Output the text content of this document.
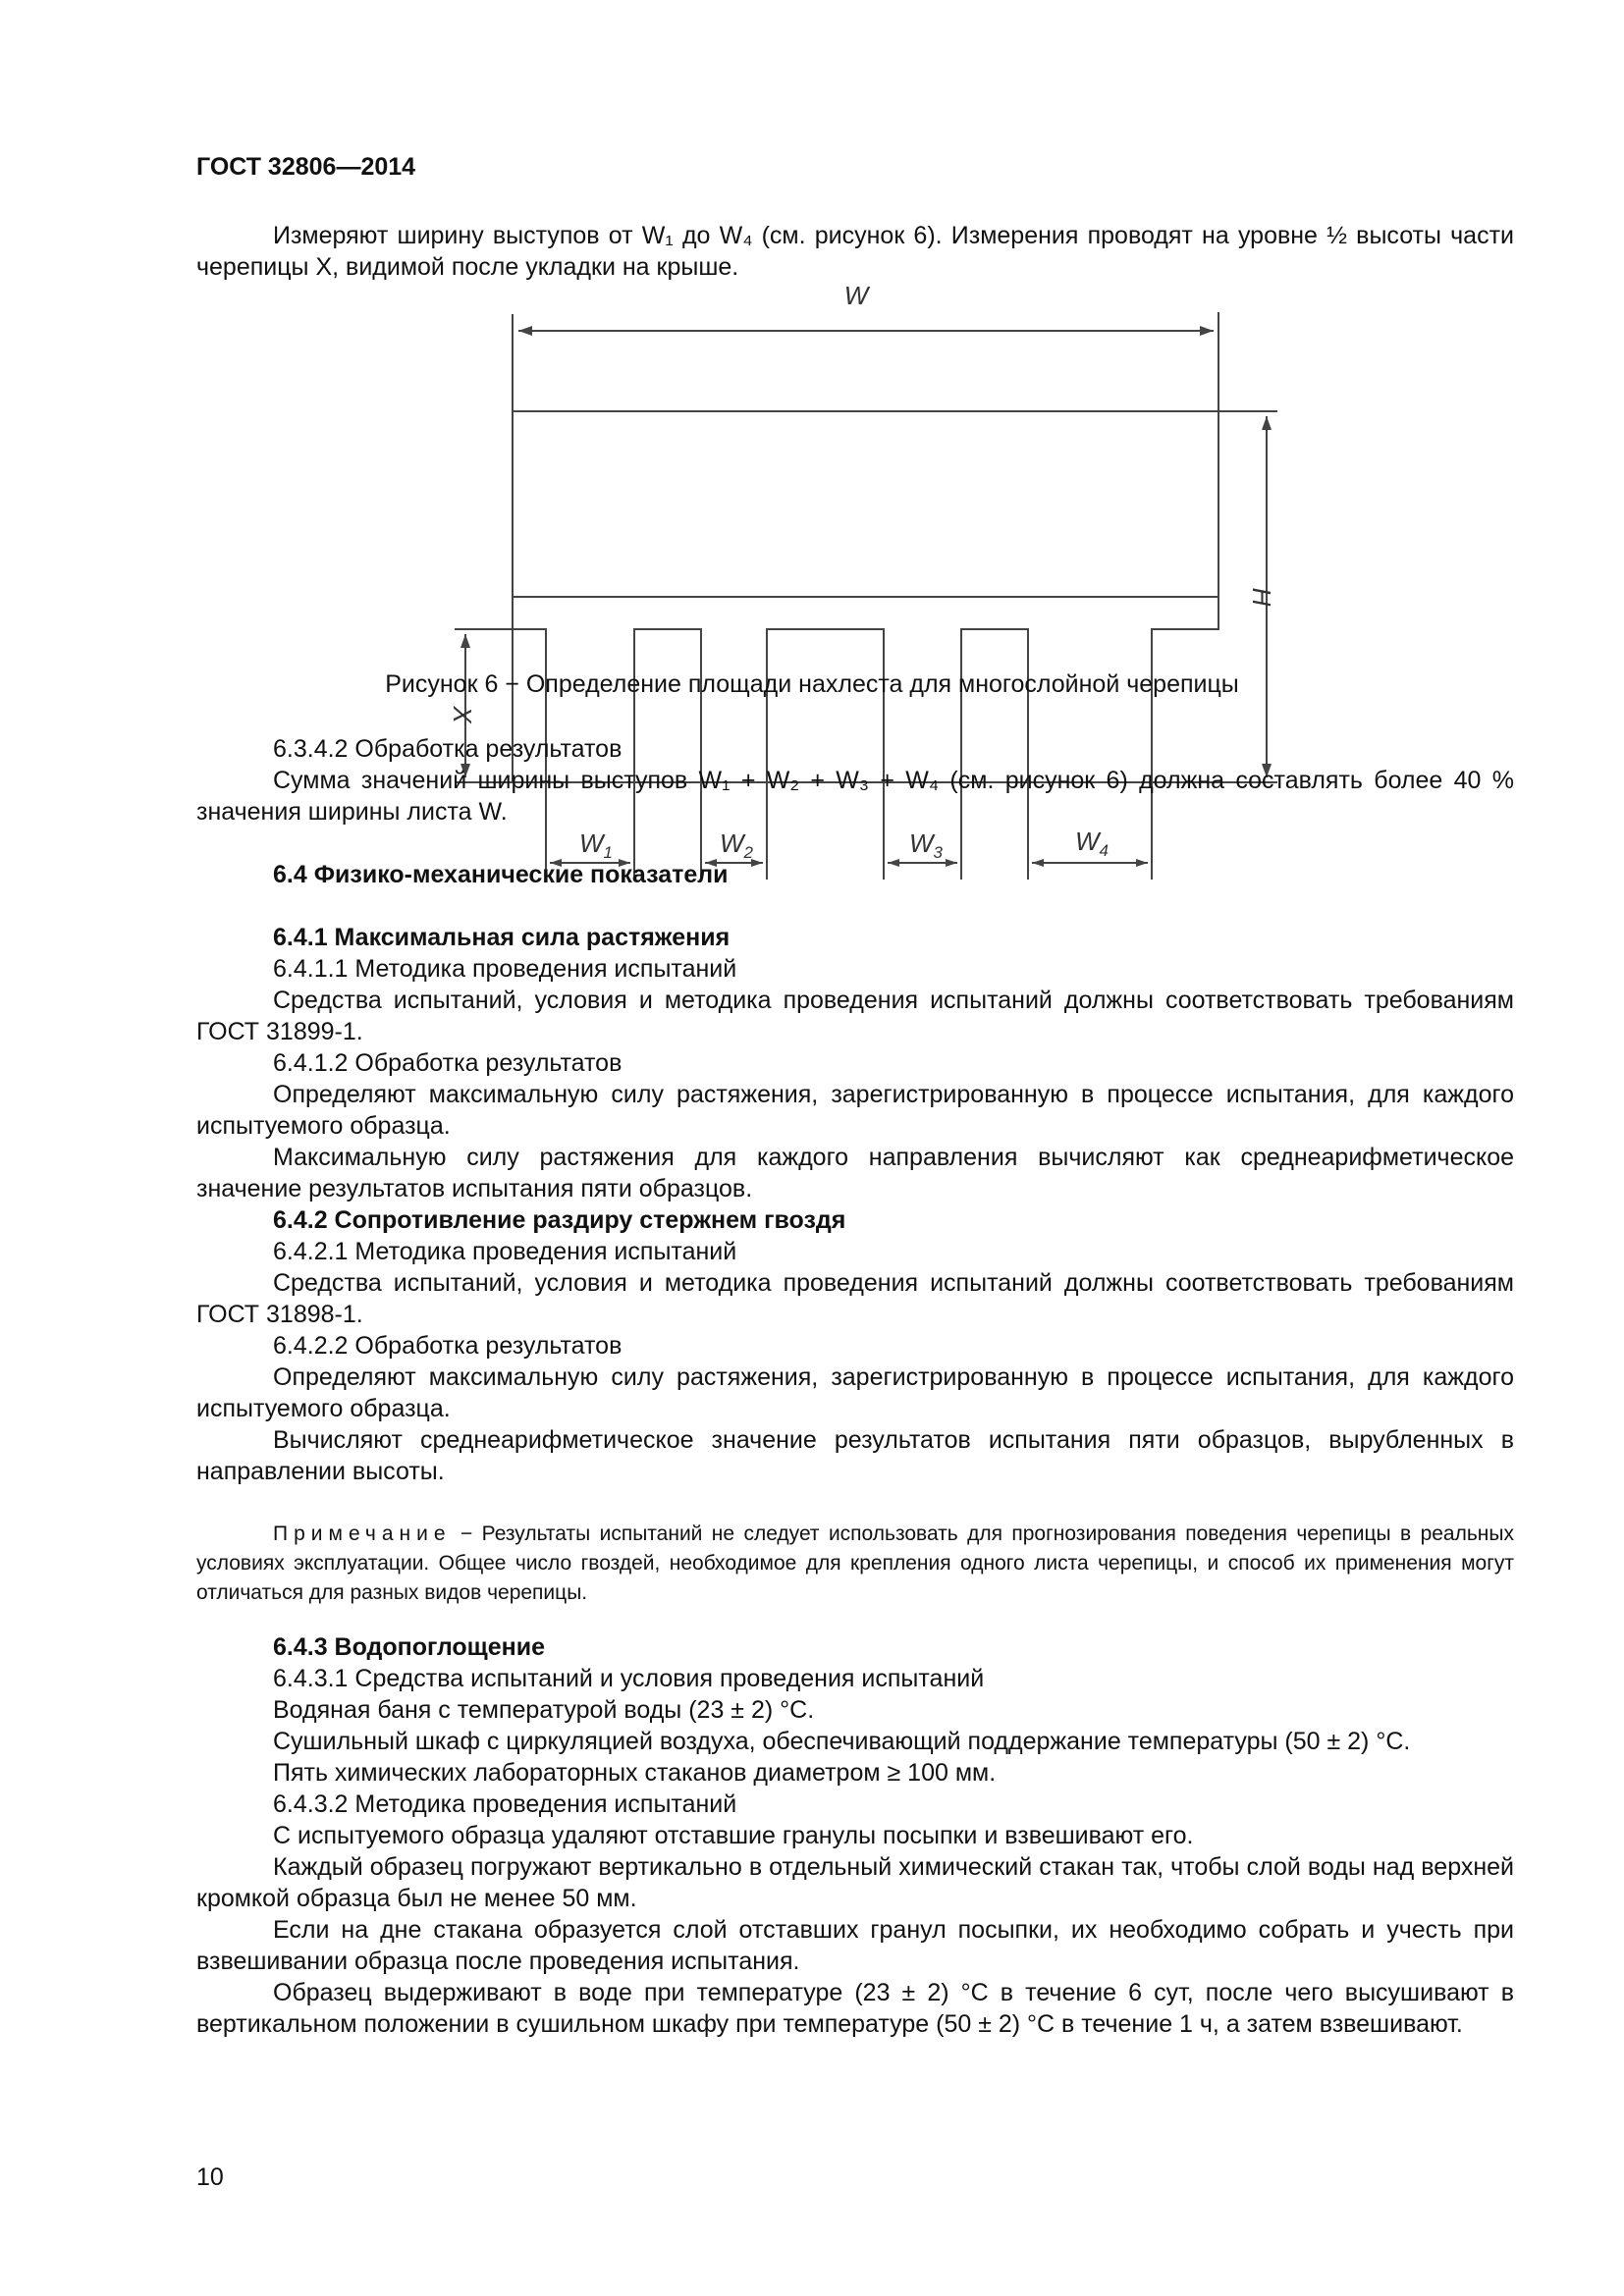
ГОСТ 32806—2014

Измеряют ширину выступов от W₁ до W₄ (см. рисунок 6). Измерения проводят на уровне ½ высоты части черепицы X, видимой после укладки на крыше.

W
H
X
$W_1$	$W_2$	$W_3$	$W_4$
Рисунок 6 − Определение площади нахлеста для многослойной черепицы

6.3.4.2 Обработка результатов

Сумма значений ширины выступов W₁ + W₂ + W₃ + W₄ (см. рисунок 6) должна составлять более 40 % значения ширины листа W.

6.4 Физико-механические показатели

6.4.1 Максимальная сила растяжения

6.4.1.1 Методика проведения испытаний

Средства испытаний, условия и методика проведения испытаний должны соответствовать требованиям ГОСТ 31899-1.

6.4.1.2 Обработка результатов

Определяют максимальную силу растяжения, зарегистрированную в процессе испытания, для каждого испытуемого образца.

Максимальную силу растяжения для каждого направления вычисляют как среднеарифметическое значение результатов испытания пяти образцов.

6.4.2 Сопротивление раздиру стержнем гвоздя

6.4.2.1 Методика проведения испытаний

Средства испытаний, условия и методика проведения испытаний должны соответствовать требованиям ГОСТ 31898-1.

6.4.2.2 Обработка результатов

Определяют максимальную силу растяжения, зарегистрированную в процессе испытания, для каждого испытуемого образца.

Вычисляют среднеарифметическое значение результатов испытания пяти образцов, вырубленных в направлении высоты.

Примечание − Результаты испытаний не следует использовать для прогнозирования поведения черепицы в реальных условиях эксплуатации. Общее число гвоздей, необходимое для крепления одного листа черепицы, и способ их применения могут отличаться для разных видов черепицы.

6.4.3 Водопоглощение

6.4.3.1 Средства испытаний и условия проведения испытаний

Водяная баня с температурой воды (23 ± 2) °С.

Сушильный шкаф с циркуляцией воздуха, обеспечивающий поддержание температуры (50 ± 2) °С.

Пять химических лабораторных стаканов диаметром ≥ 100 мм.

6.4.3.2 Методика проведения испытаний

С испытуемого образца удаляют отставшие гранулы посыпки и взвешивают его.

Каждый образец погружают вертикально в отдельный химический стакан так, чтобы слой воды над верхней кромкой образца был не менее 50 мм.

Если на дне стакана образуется слой отставших гранул посыпки, их необходимо собрать и учесть при взвешивании образца после проведения испытания.

Образец выдерживают в воде при температуре (23 ± 2) °С в течение 6 сут, после чего высушивают в вертикальном положении в сушильном шкафу при температуре (50 ± 2) °С в течение 1 ч, а затем взвешивают.

10
